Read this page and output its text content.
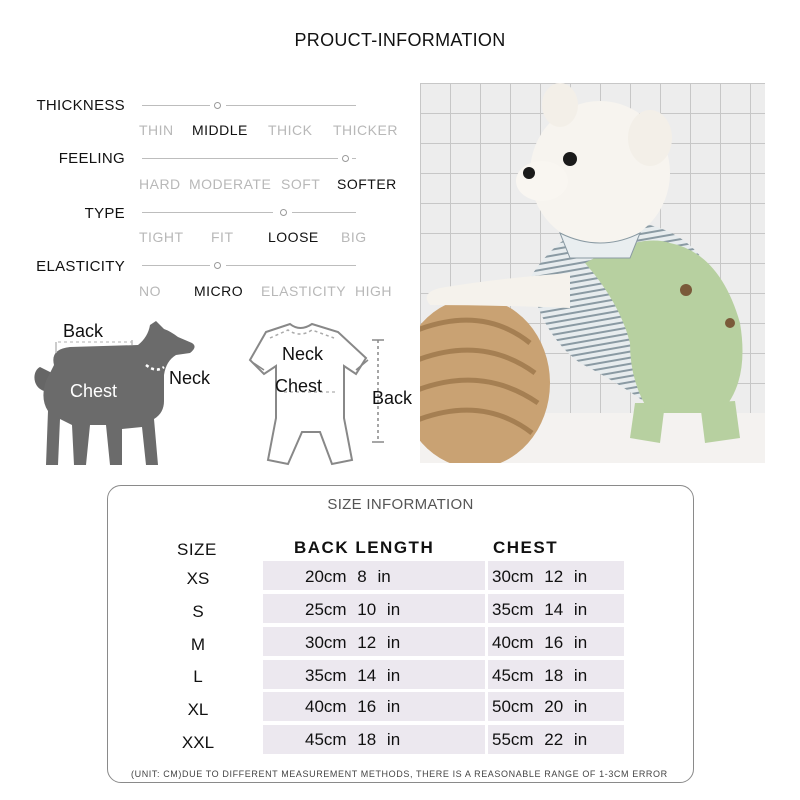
PROUCT-INFORMATION
THICKNESS
THIN MIDDLE THICK THICKER
FEELING
HARD MODERATE SOFT SOFTER
TYPE
TIGHT FIT LOOSE BIG
ELASTICITY
NO MICRO ELASTICITY HIGH
Back
Chest
Neck
Neck
Chest
Back
SIZE INFORMATION
SIZE	BACK LENGTH	CHEST
XS	20cm 8 in	30cm 12 in
S	25cm 10 in	35cm 14 in
M	30cm 12 in	40cm 16 in
L	35cm 14 in	45cm 18 in
XL	40cm 16 in	50cm 20 in
XXL	45cm 18 in	55cm 22 in
(UNIT: CM)DUE TO DIFFERENT MEASUREMENT METHODS, THERE IS A REASONABLE RANGE OF 1-3CM ERROR
